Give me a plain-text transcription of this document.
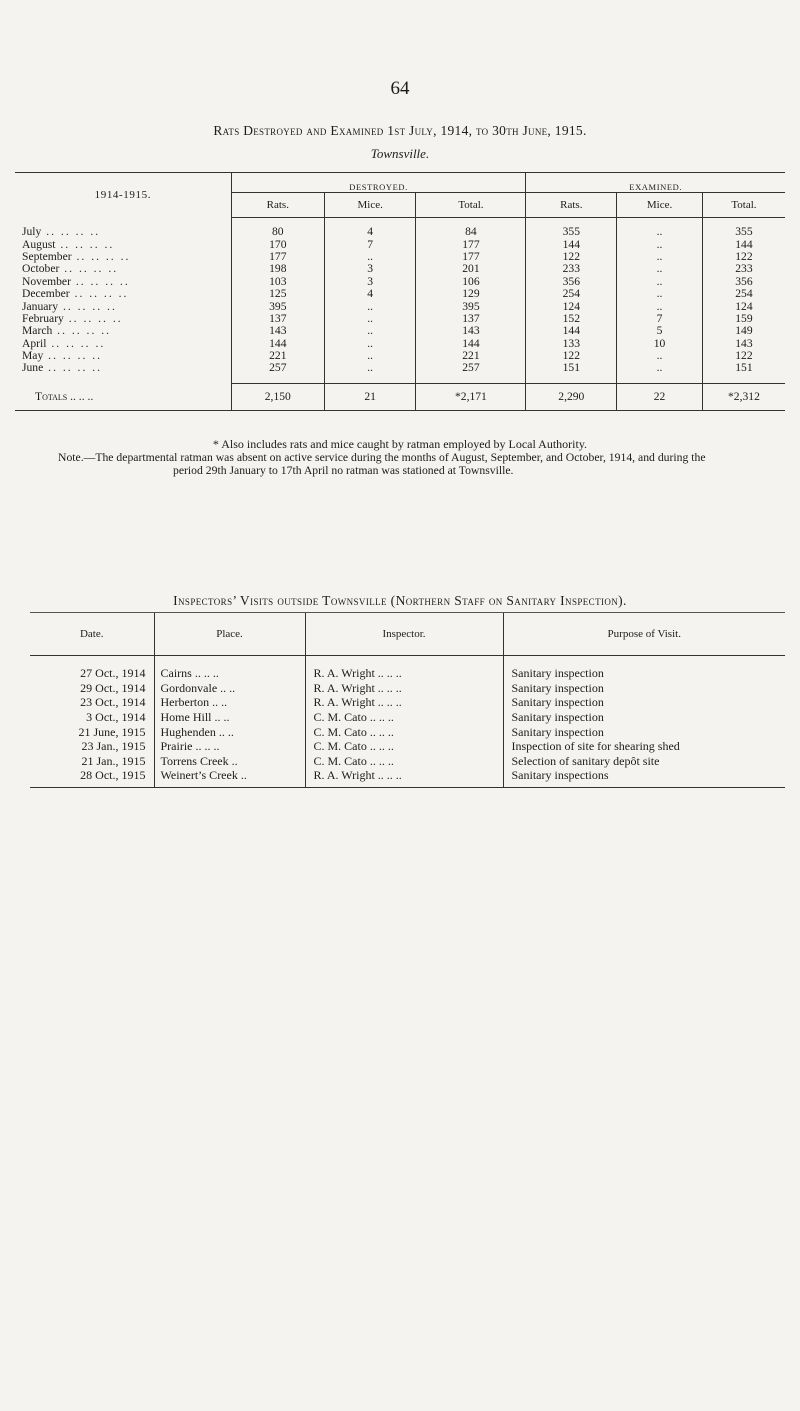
64
Rats Destroyed and Examined 1st July, 1914, to 30th June, 1915.
Townsville.
1914-1915.	DESTROYED.			EXAMINED.		
	Rats.	Mice.	Total.	Rats.	Mice.	Total.

July .. .. .. ..	80	4	84	355	..	355
August .. .. .. ..	170	7	177	144	..	144
September .. .. .. ..	177	..	177	122	..	122
October .. .. .. ..	198	3	201	233	..	233
November .. .. .. ..	103	3	106	356	..	356
December .. .. .. ..	125	4	129	254	..	254
January .. .. .. ..	395	..	395	124	..	124
February .. .. .. ..	137	..	137	152	7	159
March .. .. .. ..	143	..	143	144	5	149
April .. .. .. ..	144	..	144	133	10	143
May .. .. .. ..	221	..	221	122	..	122
June .. .. .. ..	257	..	257	151	..	151

Totals .. .. ..	2,150	21	*2,171	2,290	22	*2,312
* Also includes rats and mice caught by ratman employed by Local Authority.
Note.—The departmental ratman was absent on active service during the months of August, September, and October, 1914, and during the
period 29th January to 17th April no ratman was stationed at Townsville.
Inspectors’ Visits outside Townsville (Northern Staff on Sanitary Inspection).
Date.	Place.	Inspector.	Purpose of Visit.
27 Oct., 1914	Cairns .. .. ..	R. A. Wright .. .. ..	Sanitary inspection
29 Oct., 1914	Gordonvale .. ..	R. A. Wright .. .. ..	Sanitary inspection
23 Oct., 1914	Herberton .. ..	R. A. Wright .. .. ..	Sanitary inspection
3 Oct., 1914	Home Hill .. ..	C. M. Cato .. .. ..	Sanitary inspection
21 June, 1915	Hughenden .. ..	C. M. Cato .. .. ..	Sanitary inspection
23 Jan., 1915	Prairie .. .. ..	C. M. Cato .. .. ..	Inspection of site for shearing shed
21 Jan., 1915	Torrens Creek ..	C. M. Cato .. .. ..	Selection of sanitary depôt site
28 Oct., 1915	Weinert’s Creek ..	R. A. Wright .. .. ..	Sanitary inspections
